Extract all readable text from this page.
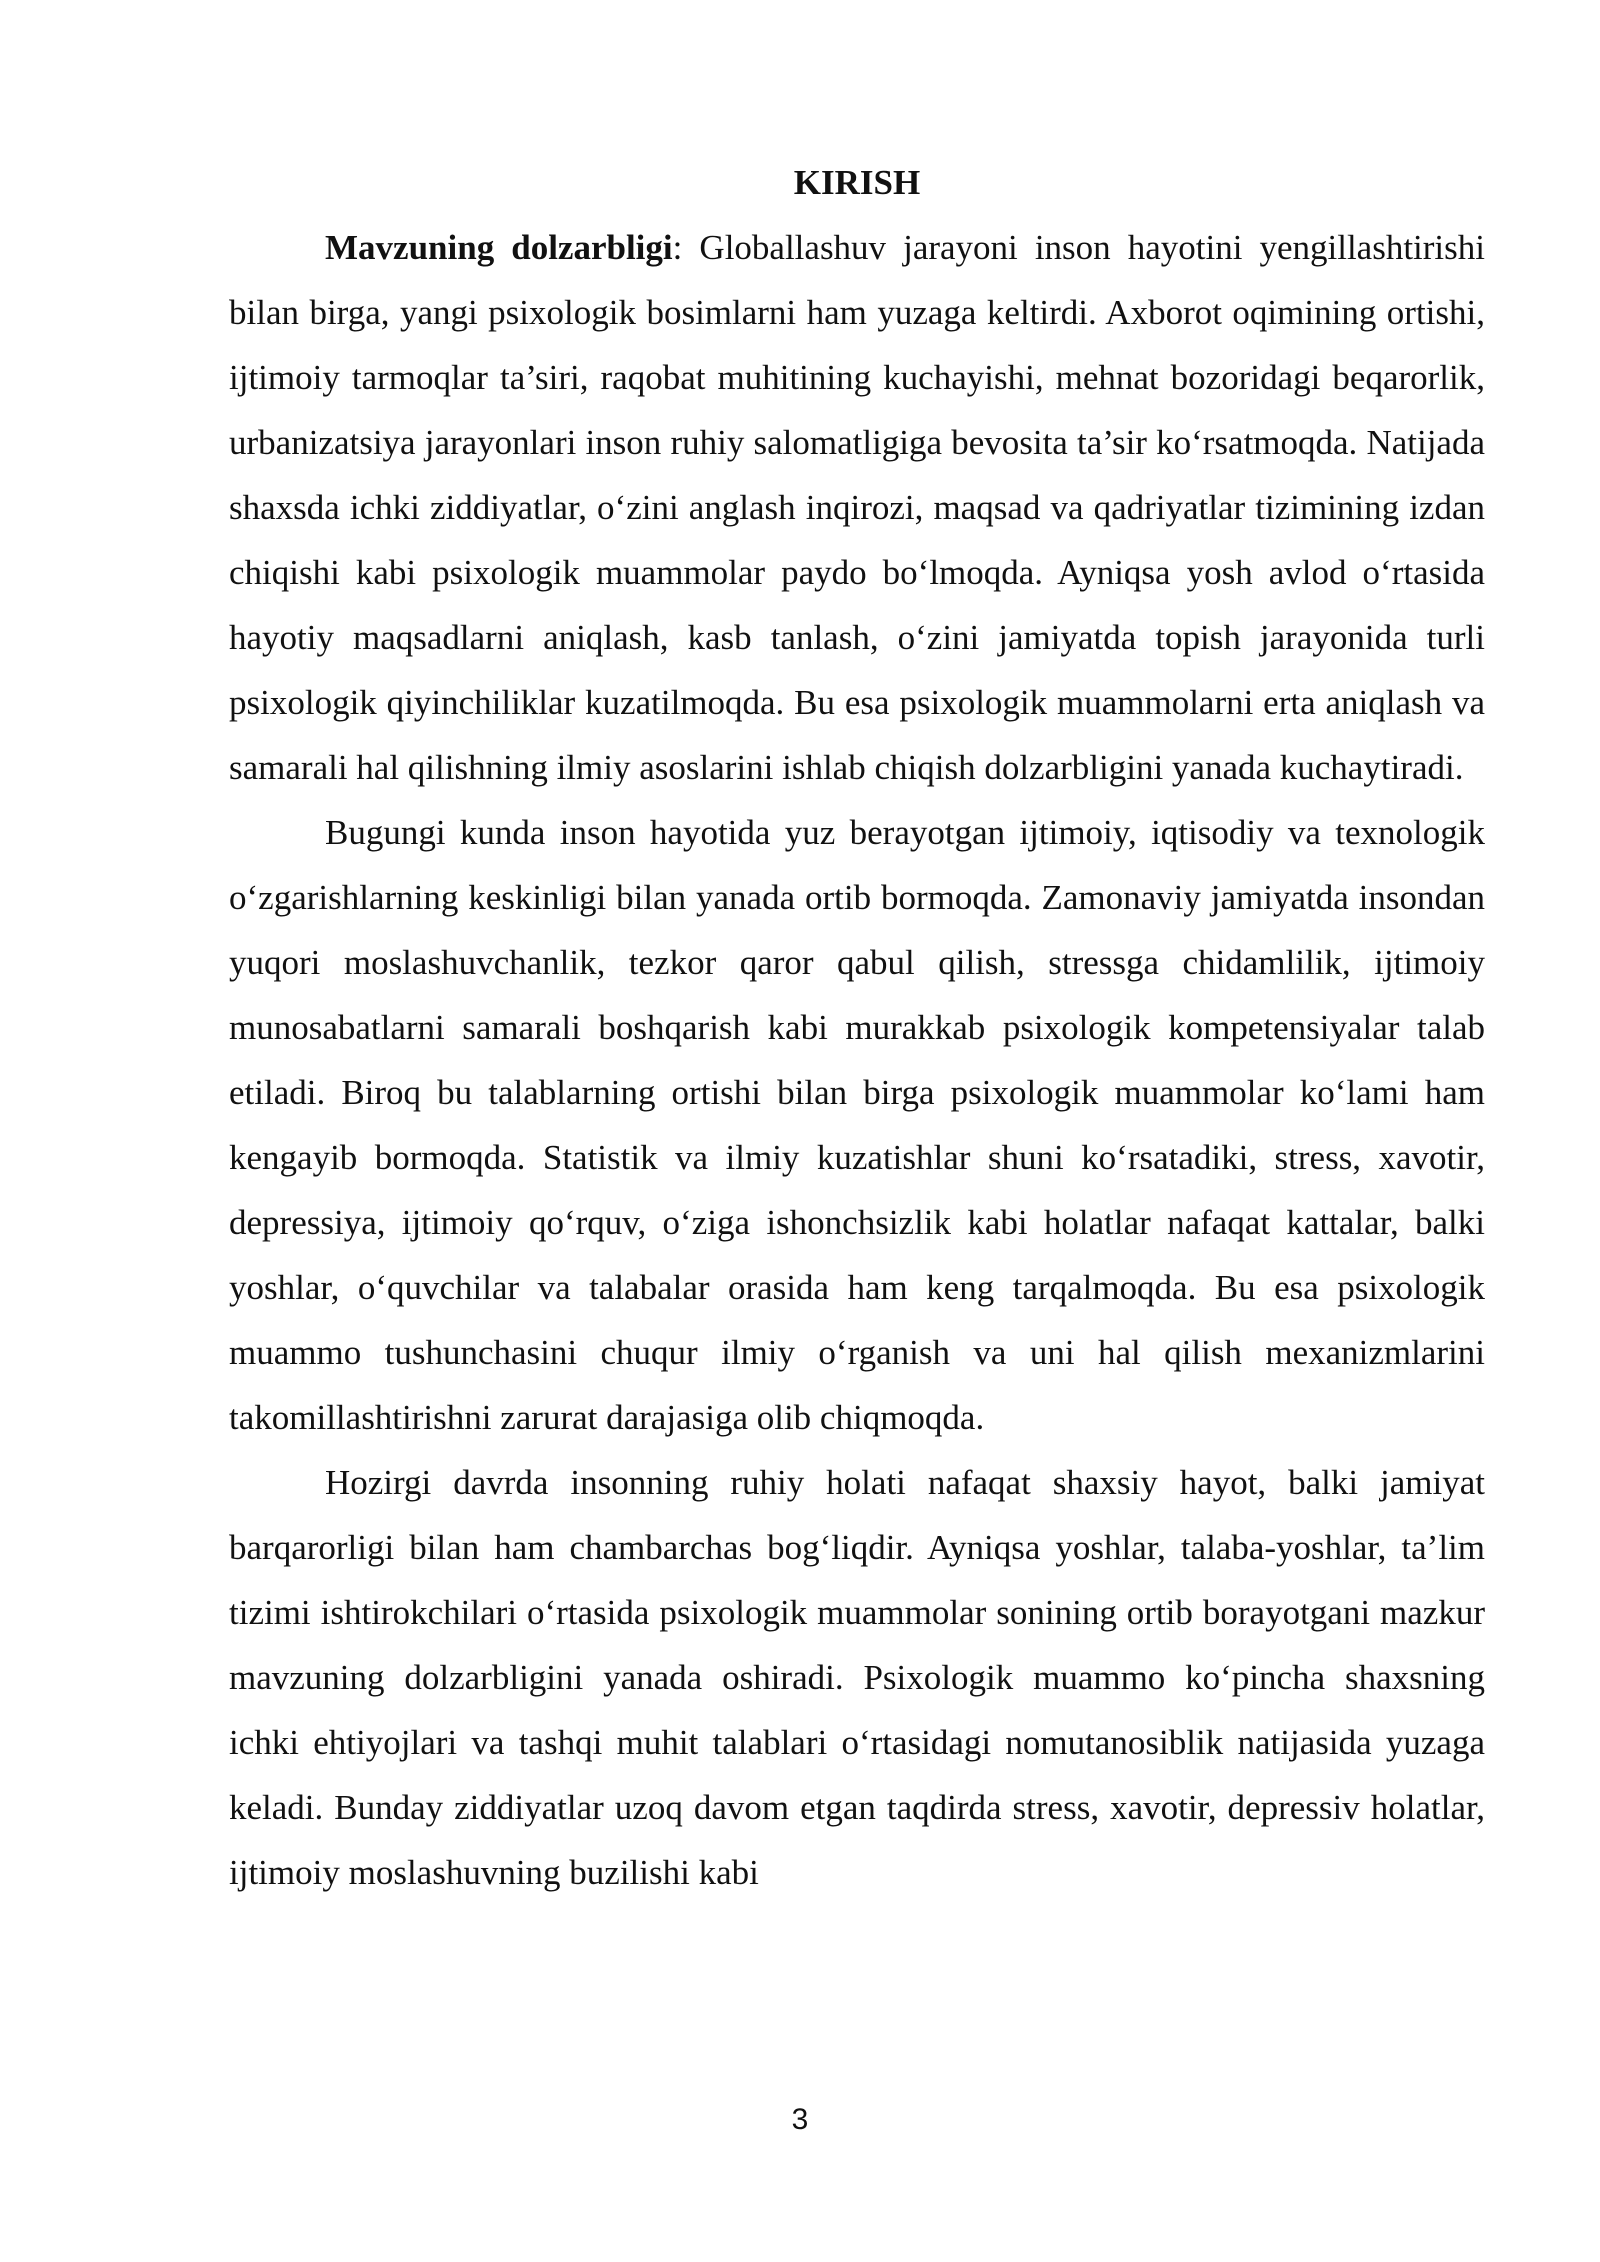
KIRISH

Mavzuning dolzarbligi: Globallashuv jarayoni inson hayotini yengillashtirishi bilan birga, yangi psixologik bosimlarni ham yuzaga keltirdi. Axborot oqimining ortishi, ijtimoiy tarmoqlar ta’siri, raqobat muhitining kuchayishi, mehnat bozoridagi beqarorlik, urbanizatsiya jarayonlari inson ruhiy salomatligiga bevosita ta’sir ko‘rsatmoqda. Natijada shaxsda ichki ziddiyatlar, o‘zini anglash inqirozi, maqsad va qadriyatlar tizimining izdan chiqishi kabi psixologik muammolar paydo bo‘lmoqda. Ayniqsa yosh avlod o‘rtasida hayotiy maqsadlarni aniqlash, kasb tanlash, o‘zini jamiyatda topish jarayonida turli psixologik qiyinchiliklar kuzatilmoqda. Bu esa psixologik muammolarni erta aniqlash va samarali hal qilishning ilmiy asoslarini ishlab chiqish dolzarbligini yanada kuchaytiradi.

Bugungi kunda inson hayotida yuz berayotgan ijtimoiy, iqtisodiy va texnologik o‘zgarishlarning keskinligi bilan yanada ortib bormoqda. Zamonaviy jamiyatda insondan yuqori moslashuvchanlik, tezkor qaror qabul qilish, stressga chidamlilik, ijtimoiy munosabatlarni samarali boshqarish kabi murakkab psixologik kompetensiyalar talab etiladi. Biroq bu talablarning ortishi bilan birga psixologik muammolar ko‘lami ham kengayib bormoqda. Statistik va ilmiy kuzatishlar shuni ko‘rsatadiki, stress, xavotir, depressiya, ijtimoiy qo‘rquv, o‘ziga ishonchsizlik kabi holatlar nafaqat kattalar, balki yoshlar, o‘quvchilar va talabalar orasida ham keng tarqalmoqda. Bu esa psixologik muammo tushunchasini chuqur ilmiy o‘rganish va uni hal qilish mexanizmlarini takomillashtirishni zarurat darajasiga olib chiqmoqda.

Hozirgi davrda insonning ruhiy holati nafaqat shaxsiy hayot, balki jamiyat barqarorligi bilan ham chambarchas bog‘liqdir. Ayniqsa yoshlar, talaba-yoshlar, ta’lim tizimi ishtirokchilari o‘rtasida psixologik muammolar sonining ortib borayotgani mazkur mavzuning dolzarbligini yanada oshiradi. Psixologik muammo ko‘pincha shaxsning ichki ehtiyojlari va tashqi muhit talablari o‘rtasidagi nomutanosiblik natijasida yuzaga keladi. Bunday ziddiyatlar uzoq davom etgan taqdirda stress, xavotir, depressiv holatlar, ijtimoiy moslashuvning buzilishi kabi

3
